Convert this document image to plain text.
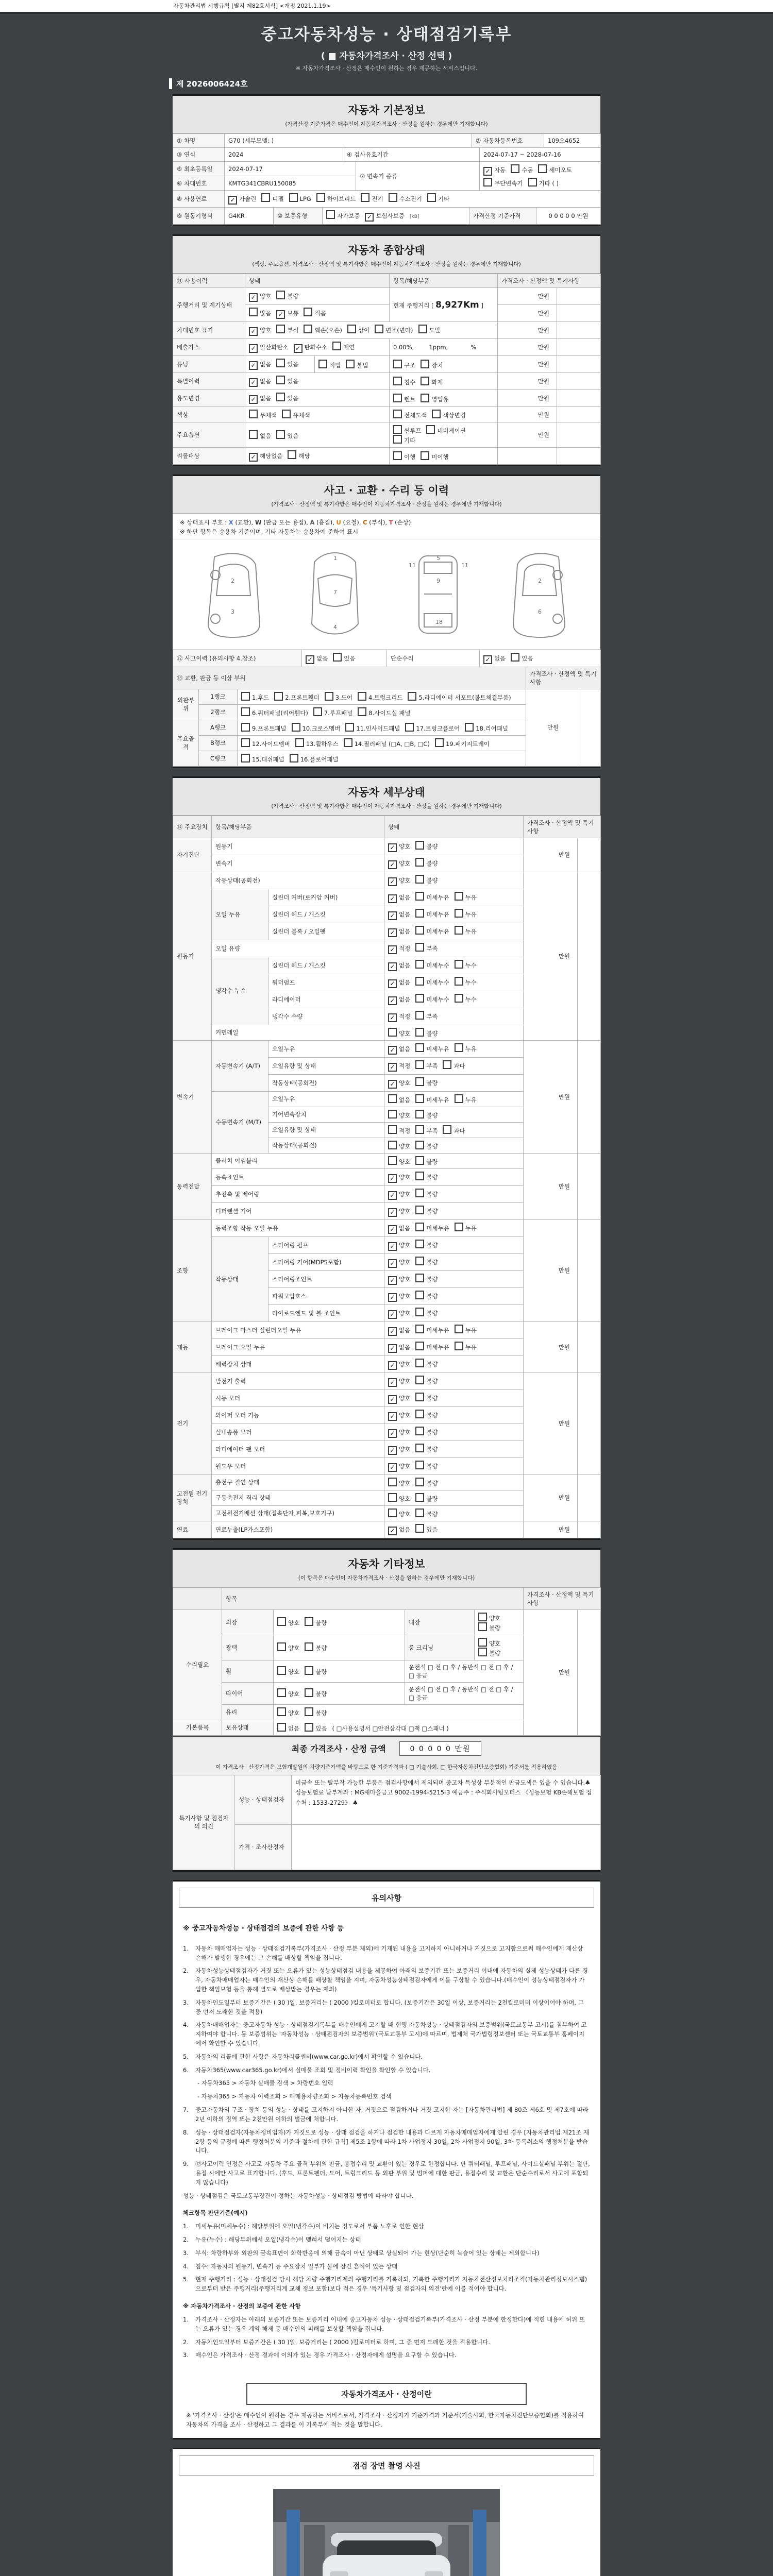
자동차관리법 시행규칙 [별지 제82호서식] <개정 2021.1.19>
중고자동차성능 · 상태점검기록부
( ■ 자동차가격조사 · 산정 선택 )
※ 자동차가격조사 · 산정은 매수인이 원하는 경우 제공하는 서비스입니다.
제 2026006424호
자동차 기본정보
(가격산정 기준가격은 매수인이 자동차가격조사 · 산정을 원하는 경우에만 기재합니다)
① 차명	G70 (세부모델: )	② 자동차등록번호	109오4652
③ 연식	2024	④ 검사유효기간	2024-07-17 ~ 2028-07-16
⑤ 최초등록일	2024-07-17	⑦ 변속기 종류	✓ 자동 수동 세미오토
무단변속기 기타 ( )

⑥ 차대번호	KMTG341CBRU150085		
⑧ 사용연료	✓ 가솔린	디젤	LPG	하이브리드	전기	수소전기	기타
⑨ 원동기형식	G4KR	⑩ 보증유형	자가보증 ✓ 보험사보증 [kB]	가격산정 기준가격	0 0 0 0 0 만원
자동차 종합상태
(색상, 주요옵션, 가격조사 · 산정액 및 특기사항은 매수인이 자동차가격조사 · 산정을 원하는 경우에만 기재합니다)
⑪ 사용이력	상태		항목/해당부품	가격조사 · 산정액 및 특기사항	
주행거리 및 계기상태	✓ 양호 불량		현재 주행거리 [ 8,927Km ]	만원	
	많음 ✓ 보통 적음			만원	
차대번호 표기	✓ 양호 부식 훼손(오손) 상이 변조(변타) 도말			만원	
배출가스	✓ 일산화탄소 ✓ 탄화수소 매연		0.00%,        1ppm,            %	만원	
튜닝	✓ 없음 있음	적법 불법	구조 장치	만원	
특별이력	✓ 없음 있음		침수 화재	만원	
용도변경	✓ 없음 있음		렌트 영업용	만원	
색상	무채색 유채색		전체도색 색상변경	만원	
주요옵션	없음 있음		썬루프 네비게이션기타	만원	
리콜대상	✓ 해당없음 해당		이행 미이행		
사고 · 교환 · 수리 등 이력
(가격조사 · 산정액 및 특기사항은 매수인이 자동차가격조사 · 산정을 원하는 경우에만 기재합니다)
※ 상태표시 부호 : X (교환), W (판금 또는 용접), A (흠집), U (요철), C (부식), T (손상)
※ 하단 항목은 승용차 기준이며, 기타 자동차는 승용차에 준하여 표시
2
3
1
7
4
11	11
5
9
18
2
6
⑫ 사고이력 (유의사항 4.참조)	✓ 없음	있음	단순수리	✓ 없음	있음
⑬ 교환, 판금 등 이상 부위			가격조사 · 산정액 및 특기사항	
외판부위	1랭크	1.후드 2.프론트휀더 3.도어 4.트렁크리드 5.라디에이터 서포트(볼트체결부품)	만원	
	2랭크	6.쿼터패널(리어휀다) 7.루프패널 8.사이드실 패널		
주요골격	A랭크	9.프론트패널 10.크로스멤버 11.인사이드패널 17.트렁크플로어 18.리어패널		
	B랭크	12.사이드멤버 13.휠하우스 14.필러패널 (□A, □B, □C) 19.패키지트레이		
	C랭크	15.대쉬패널 16.플로어패널		
자동차 세부상태
(가격조사 · 산정액 및 특기사항은 매수인이 자동차가격조사 · 산정을 원하는 경우에만 기재합니다)
⑭ 주요장치	항목/해당부품		상태	가격조사 · 산정액 및 특기사항	
자기진단	원동기		✓ 양호 불량	만원	
	변속기		✓ 양호 불량		
원동기	작동상태(공회전)		✓ 양호 불량	만원	
	오일 누유	실린더 커버(로커암 커버)	✓ 없음 미세누유 누유		
		실린더 헤드 / 개스킷	✓ 없음 미세누유 누유		
		실린더 블록 / 오일팬	✓ 없음 미세누유 누유		
	오일 유량		✓ 적정 부족		
	냉각수 누수	실린더 헤드 / 개스킷	✓ 없음 미세누수 누수		
		워터펌프	✓ 없음 미세누수 누수		
		라디에이터	✓ 없음 미세누수 누수		
		냉각수 수량	✓ 적정 부족		
	커먼레일		양호 불량		
변속기	자동변속기 (A/T)	오일누유	✓ 없음 미세누유 누유	만원	
		오일유량 및 상태	✓ 적정 부족 과다		
		작동상태(공회전)	✓ 양호 불량		
	수동변속기 (M/T)	오일누유	없음 미세누유 누유		
		기어변속장치	양호 불량		
		오일유량 및 상태	적정 부족 과다		
		작동상태(공회전)	양호 불량		
동력전달	클러치 어셈블리		양호 불량	만원	
	등속죠인트		✓ 양호 불량		
	추진축 및 베어링		✓ 양호 불량		
	디퍼렌셜 기어		✓ 양호 불량		
조향	동력조향 작동 오일 누유		✓ 없음 미세누유 누유	만원	
	작동상태	스티어링 펌프	✓ 양호 불량		
		스티어링 기어(MDPS포함)	✓ 양호 불량		
		스티어링조인트	✓ 양호 불량		
		파워고압호스	✓ 양호 불량		
		타이로드엔드 및 볼 조인트	✓ 양호 불량		
제동	브레이크 마스터 실린더오일 누유		✓ 없음 미세누유 누유	만원	
	브레이크 오일 누유		✓ 없음 미세누유 누유		
	배력장치 상태		✓ 양호 불량		
전기	발전기 출력		✓ 양호 불량	만원	
	시동 모터		✓ 양호 불량		
	와이퍼 모터 기능		✓ 양호 불량		
	실내송풍 모터		✓ 양호 불량		
	라디에이터 팬 모터		✓ 양호 불량		
	윈도우 모터		✓ 양호 불량		
고전원 전기장치	충전구 절연 상태		양호 불량	만원	
	구동축전지 격리 상태		양호 불량		
	고전원전기배선 상태(접속단자,피복,보호기구)		양호 불량		
연료	연료누출(LP가스포함)		✓ 없음 있음	만원	
자동차 기타정보
(이 항목은 매수인이 자동차가격조사 · 산정을 원하는 경우에만 기재합니다)
	항목				가격조사 · 산정액 및 특기사항	
수리필요	외장	양호 불량	내장	양호불량	만원	
	광택	양호 불량	룸 크리닝	양호불량		
	휠	양호 불량	운전석 □ 전 □ 후 / 동반석 □ 전 □ 후 / □ 응급			
	타이어	양호 불량	운전석 □ 전 □ 후 / 동반석 □ 전 □ 후 / □ 응급			
	유리	양호 불량				
기본품목	보유상태	없음 있음 ( □사용설명서 □안전삼각대 □잭 □스패너 )				
최종 가격조사 · 산정 금액	0 0 0 0 0 만원
이 가격조사 · 산정가격은 보험개발원의 차량기준가액을 바탕으로 한 기준가격과 ( □ 기술사회, □ 한국자동차진단보증협회) 기준서를 적용하였음
특기사항 및 점검자의 의견	성능 · 상태점검자	비금속 또는 탈부착 가능한 부품은 점검사항에서 제외되며 중고차 특성상 부분적인 판금도색은 있을 수 있습니다.♣ 성능보험료 납부계좌 : MG새마을금고 9002-1994-5215-3 예금주 : 주식회사팀모터스 《성능보험 KB손해보험 접수처 : 1533-2729》 ♣
	가격 · 조사산정자	
유의사항
※ 중고자동차성능 · 상태점검의 보증에 관한 사항 등
1.	자동차 매매업자는 성능 · 상태점검기록부(가격조사 · 산정 부분 제외)에 기재된 내용을 고지하지 아니하거나 거짓으로 고지함으로써 매수인에게 재산상 손해가 발생한 경우에는 그 손해를 배상할 책임을 집니다.
2.	자동차성능상태점검자가 거짓 또는 오류가 있는 성능상태점검 내용을 제공하여 아래의 보증기간 또는 보증거리 이내에 자동차의 실제 성능상태가 다른 경우, 자동차매매업자는 매수인의 재산상 손해를 배상할 책임을 지며, 자동차성능상태점검자에게 이를 구상할 수 있습니다.(매수인이 성능상태점검자가 가입한 책임보험 등을 통해 별도로 배상받는 경우는 제외)
3.	자동차인도일부터 보증기간은 ( 30 )일, 보증거리는 ( 2000 )킬로미터로 합니다. (보증기간은 30일 이상, 보증거리는 2천킬로미터 이상이어야 하며, 그 중 먼저 도래한 것을 적용)
4.	자동차매매업자는 중고자동차 성능 · 상태점검기록부를 매수인에게 고지할 때 현행 자동차성능 · 상태점검자의 보증범위(국토교통부 고시)를 첨부하여 고지하여야 합니다. 동 보증범위는 '자동차성능 · 상태점검자의 보증범위'(국토교통부 고시)에 따르며, 법제처 국가법령정보센터 또는 국토교통부 홈페이지에서 확인할 수 있습니다.
5.	자동차의 리콜에 관한 사항은 자동차리콜센터(www.car.go.kr)에서 확인할 수 있습니다.
6.	자동차365(www.car365.go.kr)에서 실매물 조회 및 정비이력 확인을 확인할 수 있습니다.
- 자동차365 > 자동차 실매물 검색 > 차량번호 입력
- 자동차365 > 자동차 이력조회 > 매매용차량조회 > 자동차등록번호 검색
7.	중고자동차의 구조 · 장치 등의 성능 · 상태를 고지하지 아니한 자, 거짓으로 점검하거나 거짓 고지한 자는 [자동차관리법] 제 80조 제6호 및 제7호에 따라 2년 이하의 징역 또는 2천만원 이하의 벌금에 처합니다.
8.	성능 · 상태점검자(자동차정비업자)가 거짓으로 성능 · 상태 점검을 하거나 점검한 내용과 다르게 자동차매매업자에게 알린 경우 [자동차관리법 제21조 제2항 등의 규정에 따른 행정처분의 기준과 절차에 관한 규칙] 제5조 1항에 따라 1차 사업정지 30일, 2차 사업정지 90일, 3차 등록취소의 행정처분을 받습니다.
9.	⑫사고이력 인정은 사고로 자동차 주요 골격 부위의 판금, 용접수리 및 교환이 있는 경우로 한정합니다. 단 쿼터패널, 루프패널, 사이드실패널 부위는 절단, 용접 시에만 사고로 표기합니다. (후드, 프론트펜더, 도어, 트렁크리드 등 외판 부위 및 범퍼에 대한 판금, 용접수리 및 교환은 단순수리로서 사고에 포함되지 않습니다)
성능 · 상태점검은 국토교통부장관이 정하는 자동차성능 · 상태점검 방법에 따라야 합니다.
체크항목 판단기준(예시)
1.	미세누유(미세누수) : 해당부위에 오일(냉각수)이 비치는 정도로서 부품 노후로 인한 현상
2.	누유(누수) : 해당부위에서 오일(냉각수)이 맺혀서 떨어지는 상태
3.	부식: 차량하부와 외판의 금속표면이 화학반응에 의해 금속이 아닌 상태로 상실되어 가는 현상(단순히 녹슬어 있는 상태는 제외합니다)
4.	침수: 자동차의 원동기, 변속기 등 주요장치 일부가 물에 잠긴 흔적이 있는 상태
5.	현재 주행거리 : 성능 · 상태점검 당시 해당 차량 주행거리계의 주행거리를 기록하되, 기록한 주행거리가 자동차전산정보처리조직(자동차관리정보시스템)으로부터 받은 주행거리(주행거리계 교체 정보 포함)보다 적은 경우 '특기사항 및 점검자의 의견'란에 이를 적어야 합니다.
※ 자동차가격조사 · 산정의 보증에 관한 사항
1.	가격조사 · 산정자는 아래의 보증기간 또는 보증거리 이내에 중고자동차 성능 · 상태점검기록부(가격조사 · 산정 부분에 한정한다)에 적힌 내용에 허위 또는 오류가 있는 경우 계약 해제 등 매수인의 피해를 보상할 책임을 집니다.
2.	자동차인도일부터 보증기간은 ( 30 )일, 보증거리는 ( 2000 )킬로미터로 하며, 그 중 먼저 도래한 것을 적용합니다.
3.	매수인은 가격조사 · 산정 결과에 이의가 있는 경우 가격조사 · 산정자에게 설명을 요구할 수 있습니다.
자동차가격조사 · 산정이란
※ '가격조사 · 산정'은 매수인이 원하는 경우 제공하는 서비스로서, 가격조사 · 산정자가 기준가격과 기준서(기술사회, 한국자동차진단보증협회)를 적용하여 자동차의 가격을 조사 · 산정하고 그 결과를 이 기록부에 적는 것을 말합니다.
점검 장면 촬영 사진
